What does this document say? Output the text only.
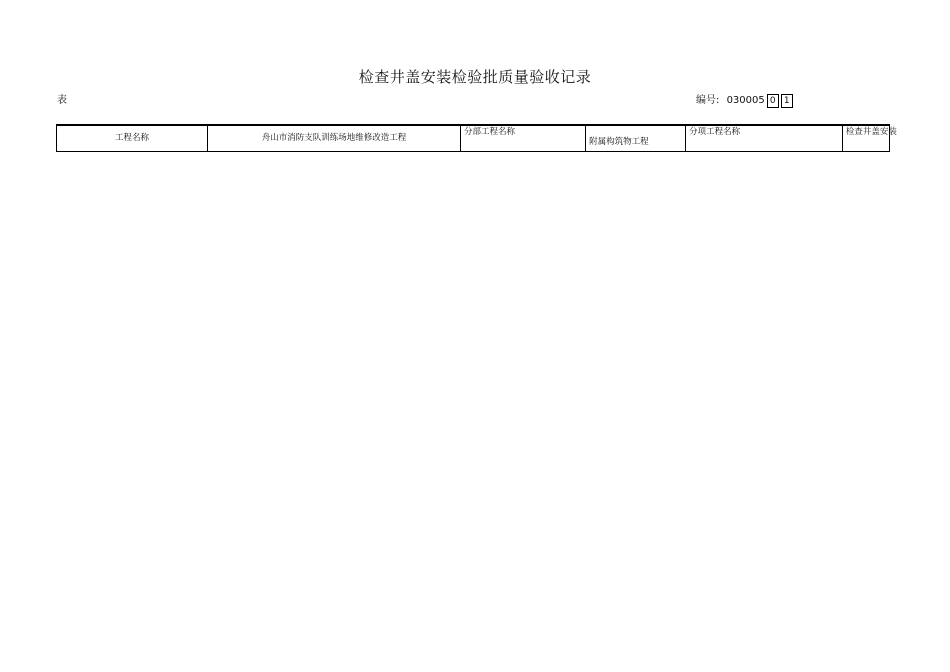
检查井盖安装检验批质量验收记录
表	编号: 030005 0 1
工程名称	舟山市消防支队训练场地维修改造工程	分部工程名称	附属构筑物工程	分项工程名称	检查井盖安装
